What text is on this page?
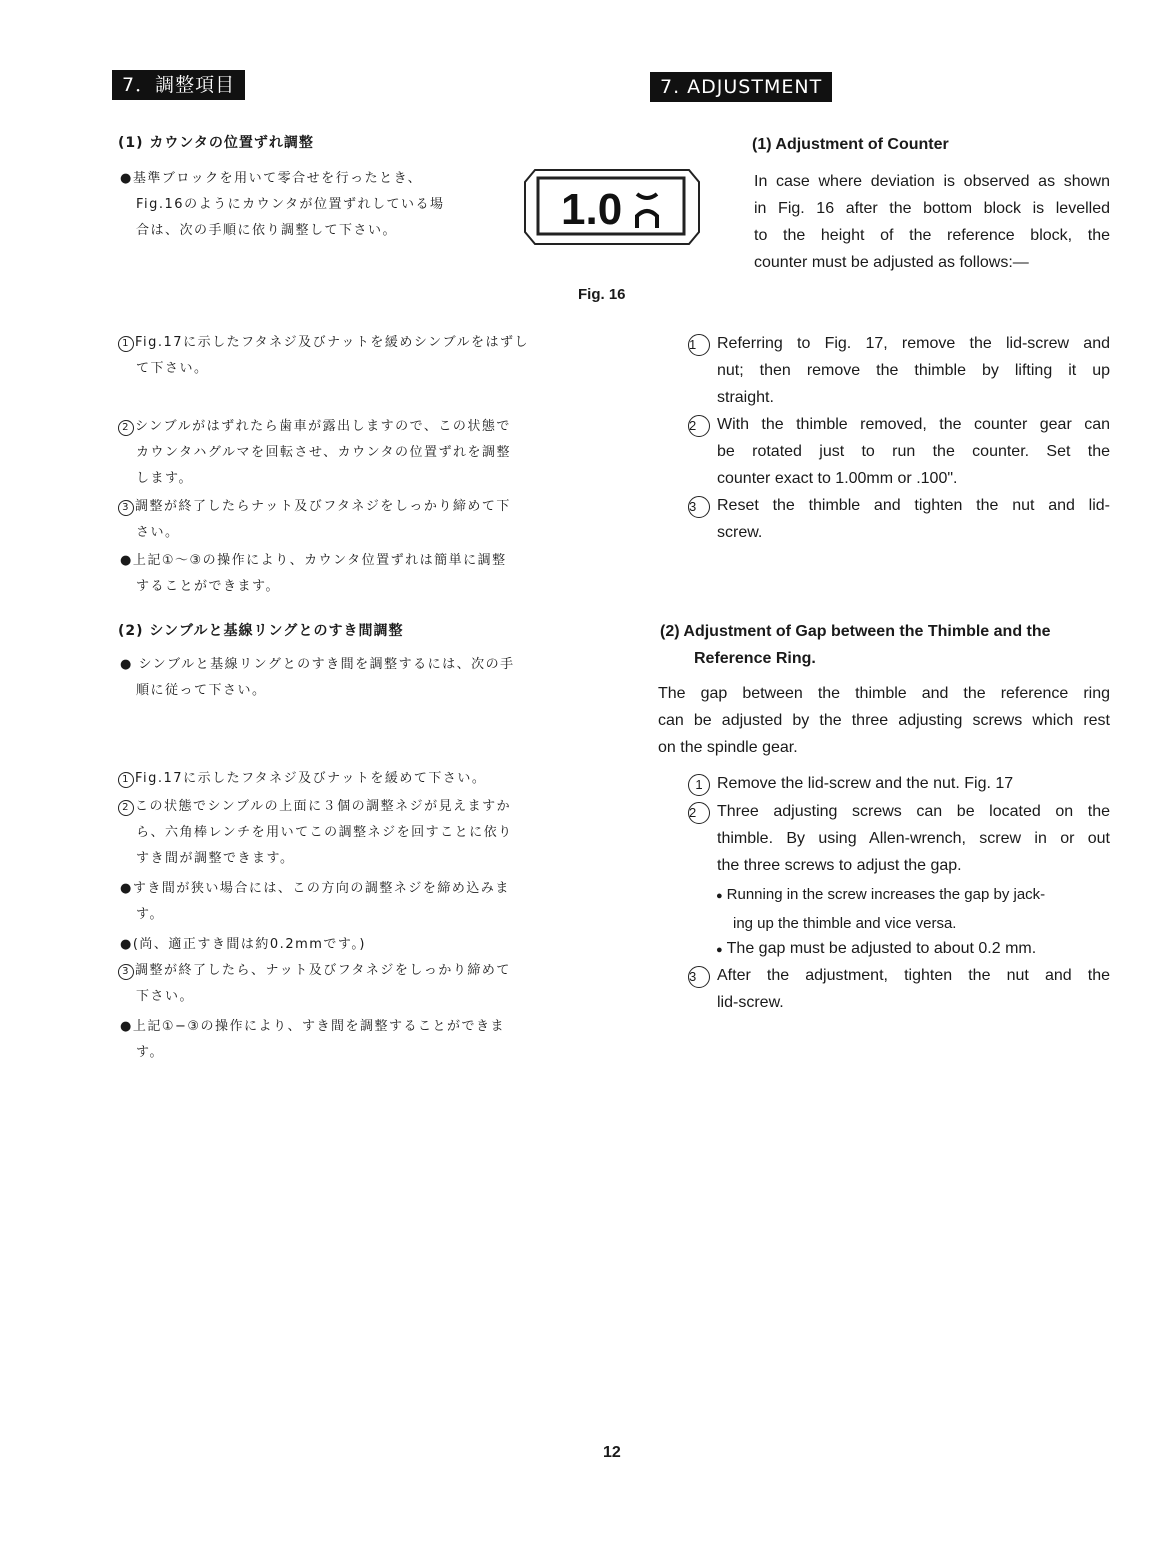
7．調整項目
(1) カウンタの位置ずれ調整
●基準ブロックを用いて零合せを行ったとき、
Fig.16のようにカウンタが位置ずれしている場
合は、次の手順に依り調整して下さい。
1 Fig.17に示したフタネジ及びナットを緩めシンブルをはずし
て下さい。
2 シンブルがはずれたら歯車が露出しますので、この状態で
カウンタハグルマを回転させ、カウンタの位置ずれを調整
します。
3 調整が終了したらナット及びフタネジをしっかり締めて下
さい。
●上記①〜③の操作により、カウンタ位置ずれは簡単に調整
することができます。
(2) シンブルと基線リングとのすき間調整
● シンブルと基線リングとのすき間を調整するには、次の手
順に従って下さい。
1 Fig.17に示したフタネジ及びナットを緩めて下さい。
2 この状態でシンブルの上面に３個の調整ネジが見えますか
ら、六角棒レンチを用いてこの調整ネジを回すことに依り
すき間が調整できます。
●すき間が狭い場合には、この方向の調整ネジを締め込みま
す。
●(尚、適正すき間は約0.2mmです。)
3 調整が終了したら、ナット及びフタネジをしっかり締めて
下さい。
●上記①−③の操作により、すき間を調整することができま
す。
1.0
Fig. 16
7. ADJUSTMENT
(1) Adjustment of Counter
In case where deviation is observed as shown
in Fig. 16 after the bottom block is levelled
to the height of the reference block, the
counter must be adjusted as follows:—
1 Referring to Fig. 17, remove the lid-screw and
nut; then remove the thimble by lifting it up
straight.
2 With the thimble removed, the counter gear can
be rotated just to run the counter. Set the
counter exact to 1.00mm or .100".
3 Reset the thimble and tighten the nut and lid-
screw.
(2) Adjustment of Gap between the Thimble and the
Reference Ring.
The gap between the thimble and the reference ring
can be adjusted by the three adjusting screws which rest
on the spindle gear.
1 Remove the lid-screw and the nut. Fig. 17
2 Three adjusting screws can be located on the
thimble. By using Allen-wrench, screw in or out
the three screws to adjust the gap.
● Running in the screw increases the gap by jack-
ing up the thimble and vice versa.
● The gap must be adjusted to about 0.2 mm.
3 After the adjustment, tighten the nut and the
lid-screw.
12
